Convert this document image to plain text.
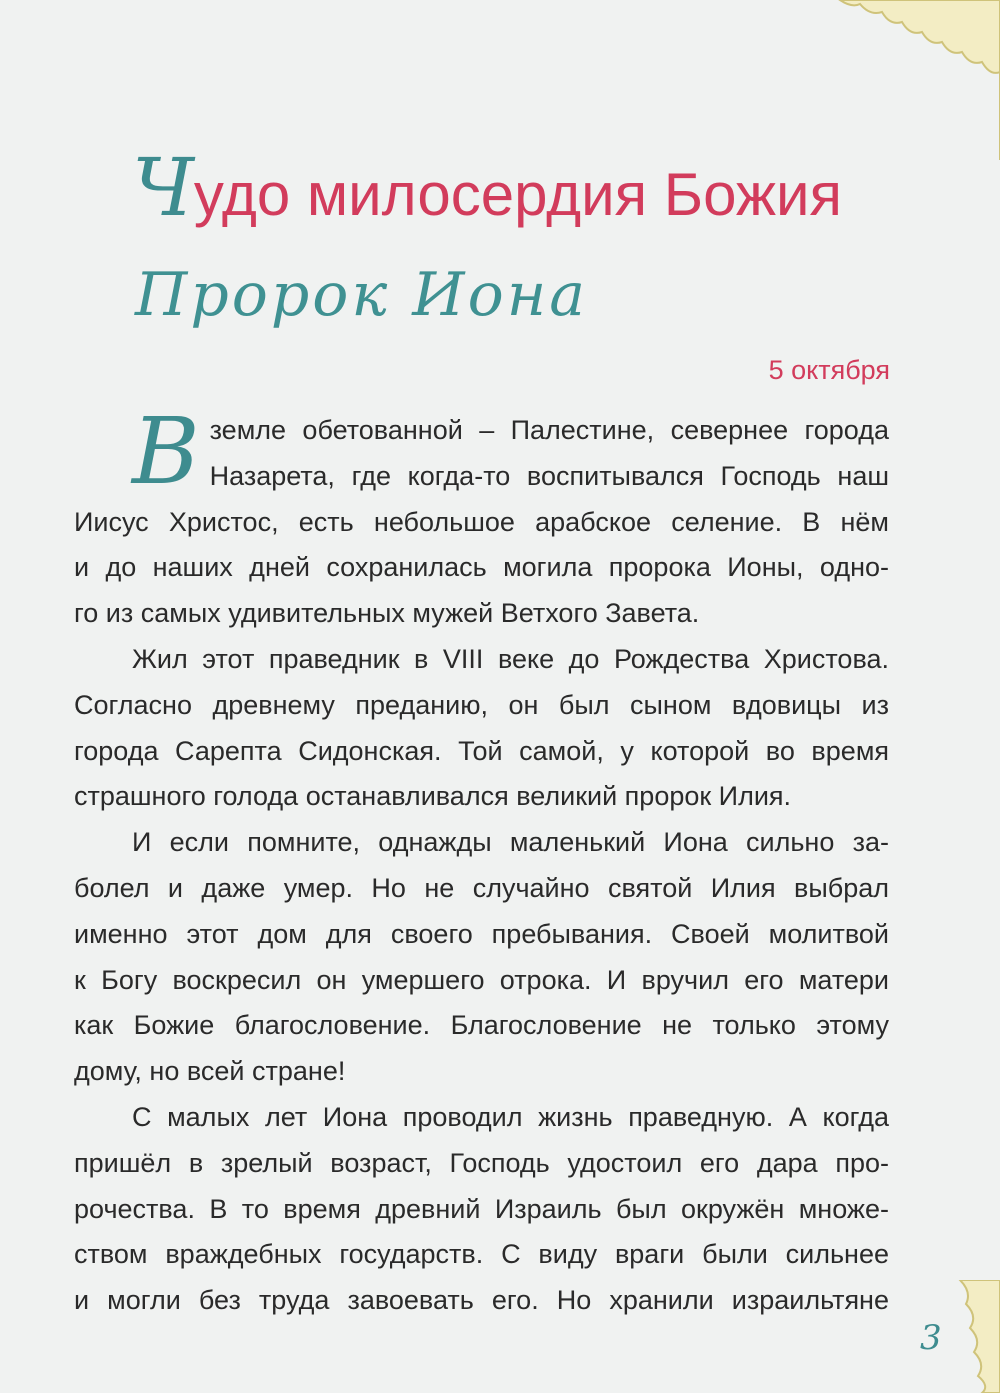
Чудо милосердия Божия
Пророк Иона
5 октября

В земле обетованной – Палестине, севернее города
Назарета, где когда-то воспитывался Господь наш

Иисус Христос, есть небольшое арабское селение. В нём
и до наших дней сохранилась могила пророка Ионы, одно-

го из самых удивительных мужей Ветхого Завета.

Жил этот праведник в VIII веке до Рождества Христова.

Согласно древнему преданию, он был сыном вдовицы из
города Сарепта Сидонская. Той самой, у которой во время

страшного голода останавливался великий пророк Илия.

И если помните, однажды маленький Иона сильно за-

болел и даже умер. Но не случайно святой Илия выбрал
именно этот дом для своего пребывания. Своей молитвой
к Богу воскресил он умершего отрока. И вручил его матери
как Божие благословение. Благословение не только этому

дому, но всей стране!

С малых лет Иона проводил жизнь праведную. А когда

пришёл в зрелый возраст, Господь удостоил его дара про-
рочества. В то время древний Израиль был окружён множе-
ством враждебных государств. С виду враги были сильнее

и могли без труда завоевать его. Но хранили израильтяне

3
